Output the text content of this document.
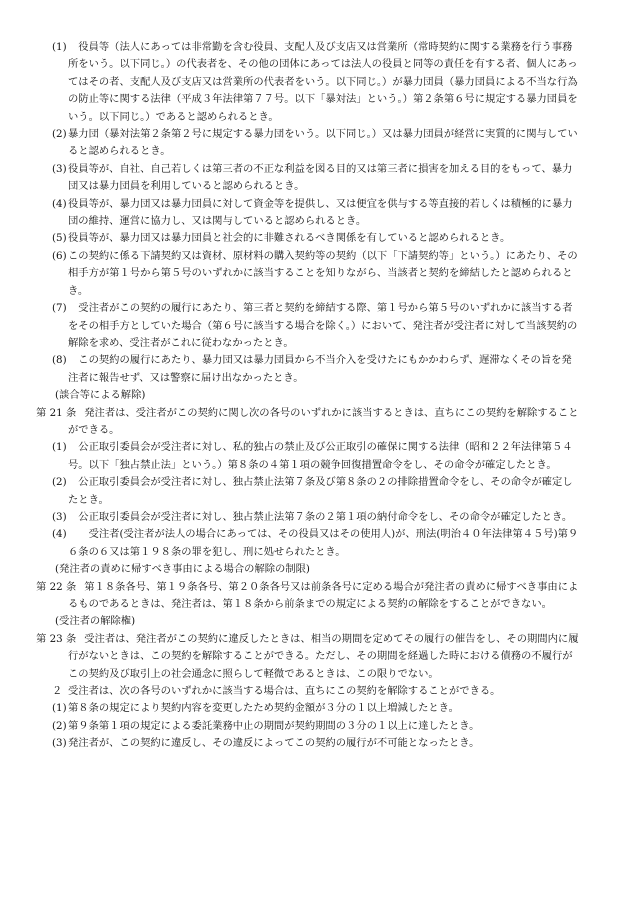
(1) 　役員等（法人にあっては非常勤を含む役員、支配人及び支店又は営業所（常時契約に関する業務を行う事務所をいう。以下同じ。）の代表者を、その他の団体にあっては法人の役員と同等の責任を有する者、個人にあってはその者、支配人及び支店又は営業所の代表者をいう。以下同じ。）が暴力団員（暴力団員による不当な行為の防止等に関する法律（平成３年法律第７７号。以下「暴対法」という。）第２条第６号に規定する暴力団員をいう。以下同じ。）であると認められるとき。
(2) 暴力団（暴対法第２条第２号に規定する暴力団をいう。以下同じ。）又は暴力団員が経営に実質的に関与していると認められるとき。
(3) 役員等が、自社、自己若しくは第三者の不正な利益を図る目的又は第三者に損害を加える目的をもって、暴力団又は暴力団員を利用していると認められるとき。
(4) 役員等が、暴力団又は暴力団員に対して資金等を提供し、又は便宜を供与する等直接的若しくは積極的に暴力団の維持、運営に協力し、又は関与していると認められるとき。
(5) 役員等が、暴力団又は暴力団員と社会的に非難されるべき関係を有していると認められるとき。
(6) この契約に係る下請契約又は資材、原材料の購入契約等の契約（以下「下請契約等」という。）にあたり、その相手方が第１号から第５号のいずれかに該当することを知りながら、当該者と契約を締結したと認められるとき。
(7) 　受注者がこの契約の履行にあたり、第三者と契約を締結する際、第１号から第５号のいずれかに該当する者をその相手方としていた場合（第６号に該当する場合を除く。）において、発注者が受注者に対して当該契約の解除を求め、受注者がこれに従わなかったとき。
(8) 　この契約の履行にあたり、暴力団又は暴力団員から不当介入を受けたにもかかわらず、遅滞なくその旨を発注者に報告せず、又は警察に届け出なかったとき。

(談合等による解除)

第 21 条 発注者は、受注者がこの契約に関し次の各号のいずれかに該当するときは、直ちにこの契約を解除することができる。
(1) 　公正取引委員会が受注者に対し、私的独占の禁止及び公正取引の確保に関する法律（昭和２２年法律第５４号。以下「独占禁止法」という。）第８条の４第１項の競争回復措置命令をし、その命令が確定したとき。
(2) 　公正取引委員会が受注者に対し、独占禁止法第７条及び第８条の２の排除措置命令をし、その命令が確定したとき。
(3) 　公正取引委員会が受注者に対し、独占禁止法第７条の２第１項の納付命令をし、その命令が確定したとき。
(4) 　　受注者(受注者が法人の場合にあっては、その役員又はその使用人)が、刑法(明治４０年法律第４５号)第９６条の６又は第１９８条の罪を犯し、刑に処せられたとき。

(発注者の責めに帰すべき事由による場合の解除の制限)

第 22 条 第１８条各号、第１９条各号、第２０条各号又は前条各号に定める場合が発注者の責めに帰すべき事由によるものであるときは、発注者は、第１８条から前条までの規定による契約の解除をすることができない。

(受注者の解除権)

第 23 条 受注者は、発注者がこの契約に違反したときは、相当の期間を定めてその履行の催告をし、その期間内に履行がないときは、この契約を解除することができる。ただし、その期間を経過した時における債務の不履行がこの契約及び取引上の社会通念に照らして軽微であるときは、この限りでない。
２ 受注者は、次の各号のいずれかに該当する場合は、直ちにこの契約を解除することができる。
(1) 第８条の規定により契約内容を変更したため契約金額が３分の１以上増減したとき。
(2) 第９条第１項の規定による委託業務中止の期間が契約期間の３分の１以上に達したとき。
(3) 発注者が、この契約に違反し、その違反によってこの契約の履行が不可能となったとき。
